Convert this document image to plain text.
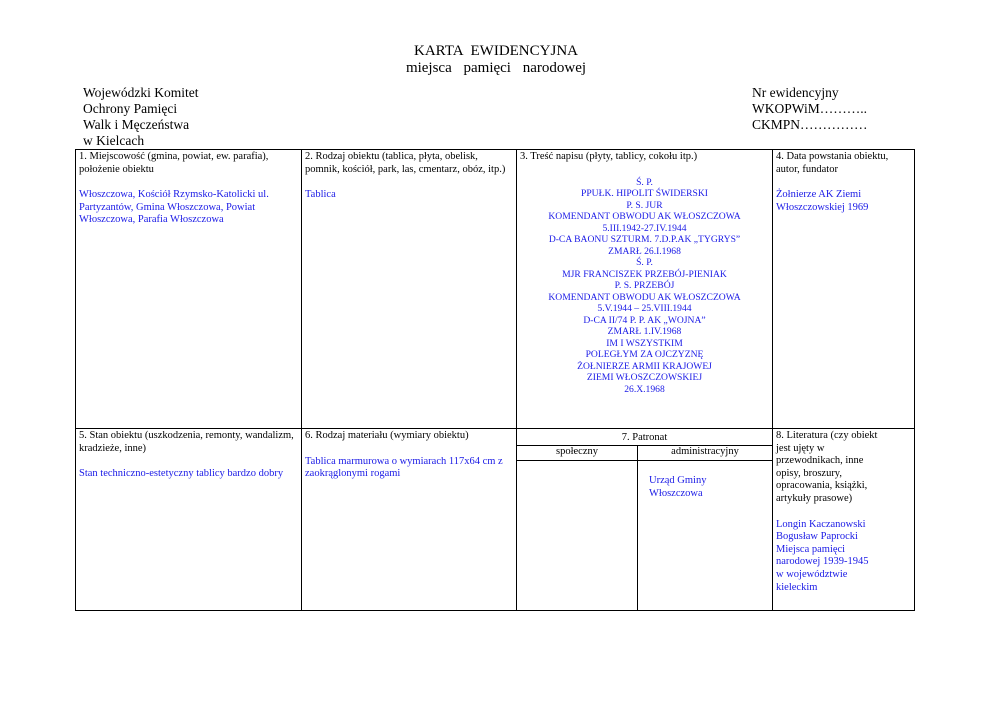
KARTA EWIDENCYJNA
miejsca pamięci narodowej
Wojewódzki Komitet
Ochrony Pamięci
Walk i Męczeństwa
w Kielcach
Nr ewidencyjny
WKOPWiM………..
CKMPN……………
1. Miejscowość (gmina, powiat, ew. parafia), położenie obiektu
Włoszczowa, Kościół Rzymsko-Katolicki ul. Partyzantów, Gmina Włoszczowa, Powiat Włoszczowa, Parafia Włoszczowa
2. Rodzaj obiektu (tablica, płyta, obelisk, pomnik, kościół, park, las, cmentarz, obóz, itp.)
Tablica
3. Treść napisu (płyty, tablicy, cokołu itp.)
Ś. P.
PPUŁK. HIPOLIT ŚWIDERSKI
P. S. JUR
KOMENDANT OBWODU AK WŁOSZCZOWA
5.III.1942-27.IV.1944
D-CA BAONU SZTURM. 7.D.P.AK „TYGRYS”
ZMARŁ 26.I.1968
Ś. P.
MJR FRANCISZEK PRZEBÓJ-PIENIAK
P. S. PRZEBÓJ
KOMENDANT OBWODU AK WŁOSZCZOWA
5.V.1944 – 25.VIII.1944
D-CA II/74 P. P. AK „WOJNA”
ZMARŁ 1.IV.1968
IM I WSZYSTKIM
POLEGŁYM ZA OJCZYZNĘ
ŻOŁNIERZE ARMII KRAJOWEJ
ZIEMI WŁOSZCZOWSKIEJ
26.X.1968
4. Data powstania obiektu, autor, fundator
Żołnierze AK Ziemi Włoszczowskiej 1969
5. Stan obiektu (uszkodzenia, remonty, wandalizm, kradzieże, inne)
Stan techniczno-estetyczny tablicy bardzo dobry
6. Rodzaj materiału (wymiary obiektu)
Tablica marmurowa o wymiarach 117x64 cm z zaokrąglonymi rogami
7. Patronat
społeczny	administracyjny
Urząd Gminy Włoszczowa
8. Literatura (czy obiekt jest ujęty w przewodnikach, inne opisy, broszury, opracowania, książki, artykuły prasowe)
Longin Kaczanowski
Bogusław Paprocki
Miejsca pamięci
narodowej 1939-1945
w województwie
kieleckim
